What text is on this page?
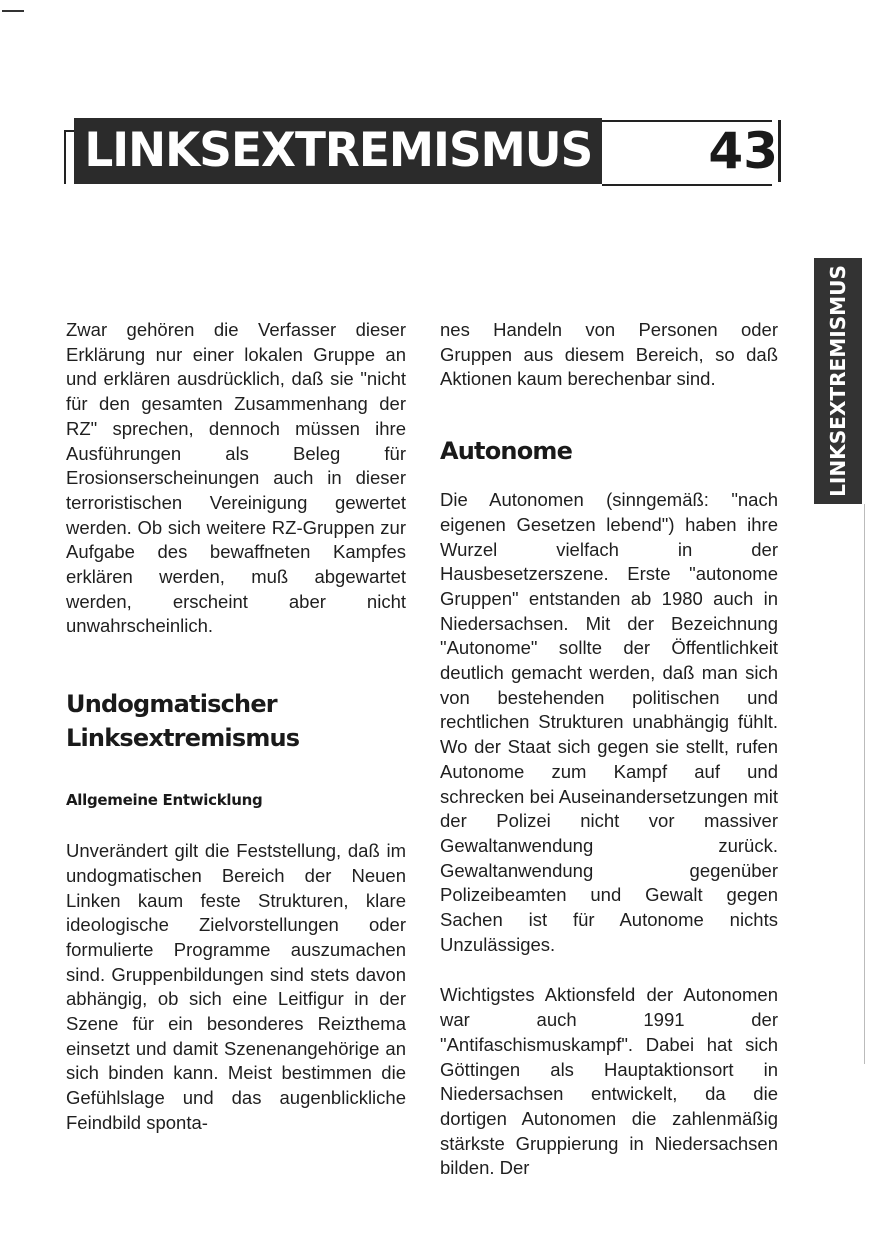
LINKSEXTREMISMUS 43
LINKSEXTREMISMUS

Zwar gehören die Verfasser dieser Erklärung nur einer lokalen Gruppe an und erklären ausdrücklich, daß sie "nicht für den gesamten Zusammenhang der RZ" sprechen, dennoch müssen ihre Ausführungen als Beleg für Erosionserscheinungen auch in dieser terroristischen Vereinigung gewertet werden. Ob sich weitere RZ-Gruppen zur Aufgabe des bewaffneten Kampfes erklären werden, muß abgewartet werden, erscheint aber nicht unwahrscheinlich.

Undogmatischer
Linksextremismus
Allgemeine Entwicklung

Unverändert gilt die Feststellung, daß im undogmatischen Bereich der Neuen Linken kaum feste Strukturen, klare ideologische Zielvorstellungen oder formulierte Programme auszumachen sind. Gruppenbildungen sind stets davon abhängig, ob sich eine Leitfigur in der Szene für ein besonderes Reizthema einsetzt und damit Szenenangehörige an sich binden kann. Meist bestimmen die Gefühlslage und das augenblickliche Feindbild sponta-

nes Handeln von Personen oder Gruppen aus diesem Bereich, so daß Aktionen kaum berechenbar sind.

Autonome

Die Autonomen (sinngemäß: "nach eigenen Gesetzen lebend") haben ihre Wurzel vielfach in der Hausbesetzerszene. Erste "autonome Gruppen" entstanden ab 1980 auch in Niedersachsen. Mit der Bezeichnung "Autonome" sollte der Öffentlichkeit deutlich gemacht werden, daß man sich von bestehenden politischen und rechtlichen Strukturen unabhängig fühlt. Wo der Staat sich gegen sie stellt, rufen Autonome zum Kampf auf und schrecken bei Auseinandersetzungen mit der Polizei nicht vor massiver Gewaltanwendung zurück. Gewaltanwendung gegenüber Polizeibeamten und Gewalt gegen Sachen ist für Autonome nichts Unzulässiges.

Wichtigstes Aktionsfeld der Autonomen war auch 1991 der "Antifaschismuskampf". Dabei hat sich Göttingen als Hauptaktionsort in Niedersachsen entwickelt, da die dortigen Autonomen die zahlenmäßig stärkste Gruppierung in Niedersachsen bilden. Der
